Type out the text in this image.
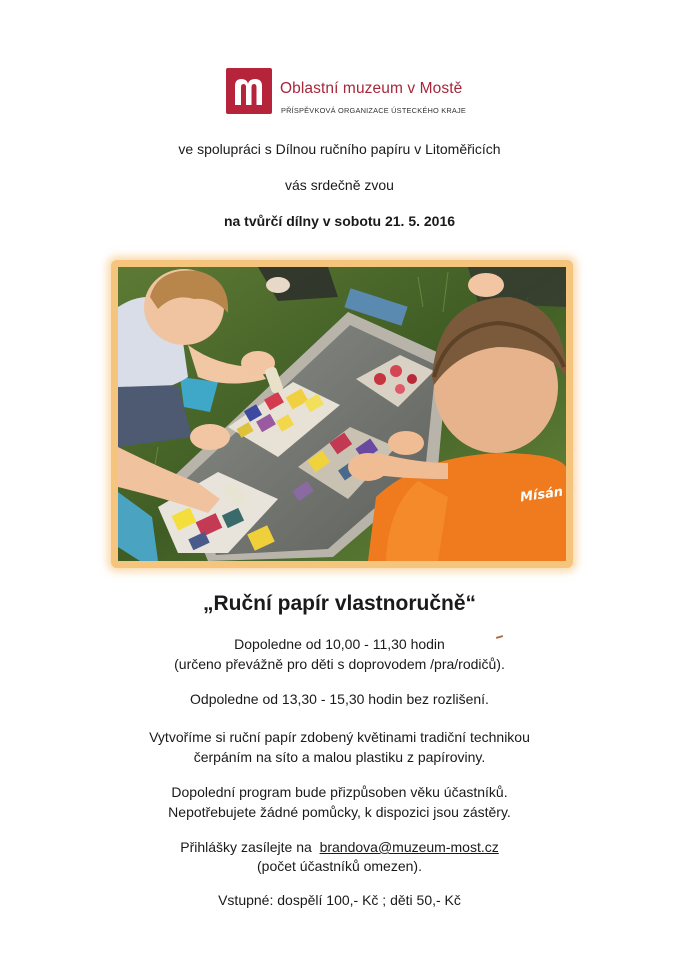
Oblastní muzeum v Mostě
PŘÍSPĚVKOVÁ ORGANIZACE ÚSTECKÉHO KRAJE
ve spolupráci s Dílnou ručního papíru v Litoměřicích
vás srdečně zvou
na tvůrčí dílny v sobotu 21. 5. 2016
Mísán
„Ruční papír vlastnoručně“
Dopoledne od 10,00 - 11,30 hodin
(určeno převážně pro děti s doprovodem /pra/rodičů).
Odpoledne od 13,30 - 15,30 hodin bez rozlišení.
Vytvoříme si ruční papír zdobený květinami tradiční technikou
čerpáním na síto a malou plastiku z papíroviny.
Dopolední program bude přizpůsoben věku účastníků.
Nepotřebujete žádné pomůcky, k dispozici jsou zástěry.
Přihlášky zasílejte na brandova@muzeum-most.cz
(počet účastníků omezen).
Vstupné: dospělí 100,- Kč ; děti 50,- Kč
